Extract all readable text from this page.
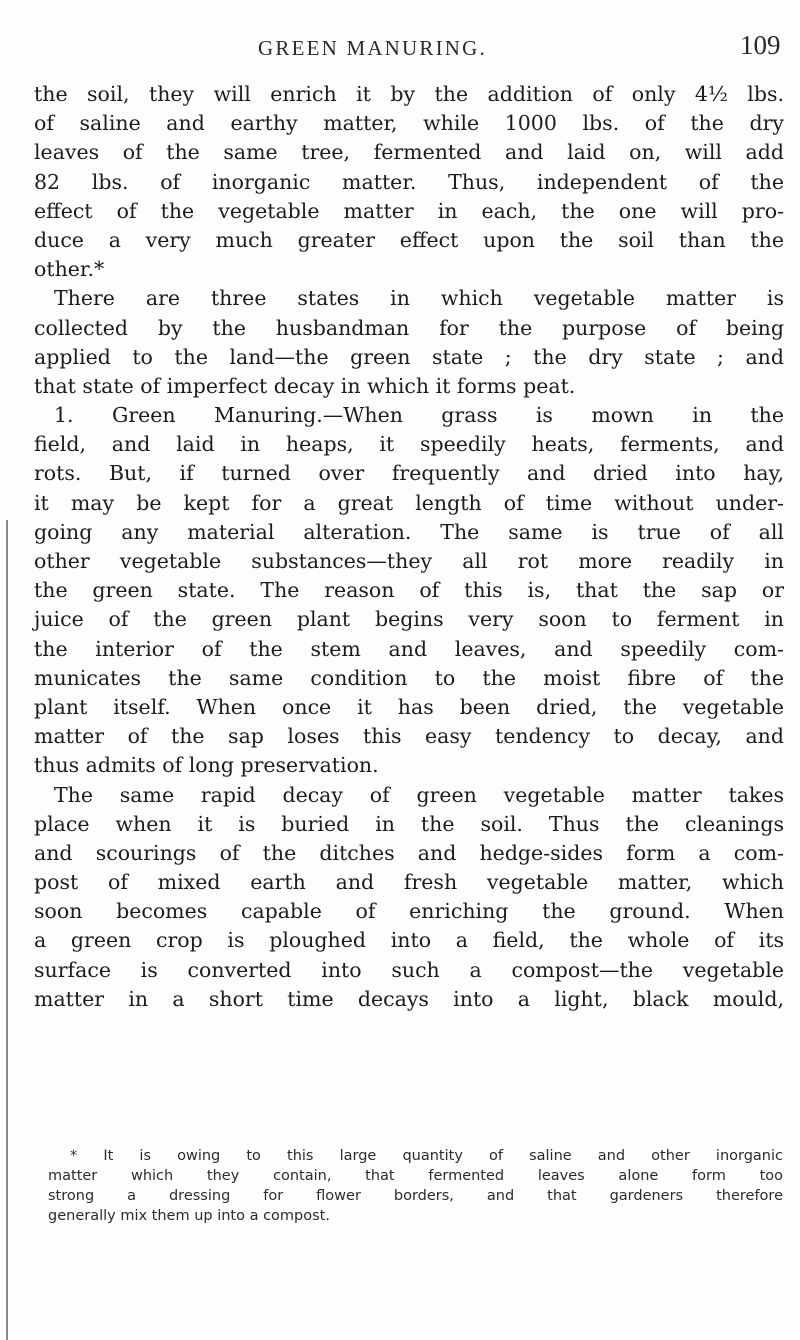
GREEN MANURING.	109
the soil, they will enrich it by the addition of only 4½ lbs.
of saline and earthy matter, while 1000 lbs. of the dry
leaves of the same tree, fermented and laid on, will add
82 lbs. of inorganic matter. Thus, independent of the
effect of the vegetable matter in each, the one will pro-
duce a very much greater effect upon the soil than the
other.*
There are three states in which vegetable matter is
collected by the husbandman for the purpose of being
applied to the land—the green state ; the dry state ; and
that state of imperfect decay in which it forms peat.
1. Green Manuring.—When grass is mown in the
field, and laid in heaps, it speedily heats, ferments, and
rots. But, if turned over frequently and dried into hay,
it may be kept for a great length of time without under-
going any material alteration. The same is true of all
other vegetable substances—they all rot more readily in
the green state. The reason of this is, that the sap or
juice of the green plant begins very soon to ferment in
the interior of the stem and leaves, and speedily com-
municates the same condition to the moist fibre of the
plant itself. When once it has been dried, the vegetable
matter of the sap loses this easy tendency to decay, and
thus admits of long preservation.
The same rapid decay of green vegetable matter takes
place when it is buried in the soil. Thus the cleanings
and scourings of the ditches and hedge-sides form a com-
post of mixed earth and fresh vegetable matter, which
soon becomes capable of enriching the ground. When
a green crop is ploughed into a field, the whole of its
surface is converted into such a compost—the vegetable
matter in a short time decays into a light, black mould,
* It is owing to this large quantity of saline and other inorganic
matter which they contain, that fermented leaves alone form too
strong a dressing for flower borders, and that gardeners therefore
generally mix them up into a compost.
